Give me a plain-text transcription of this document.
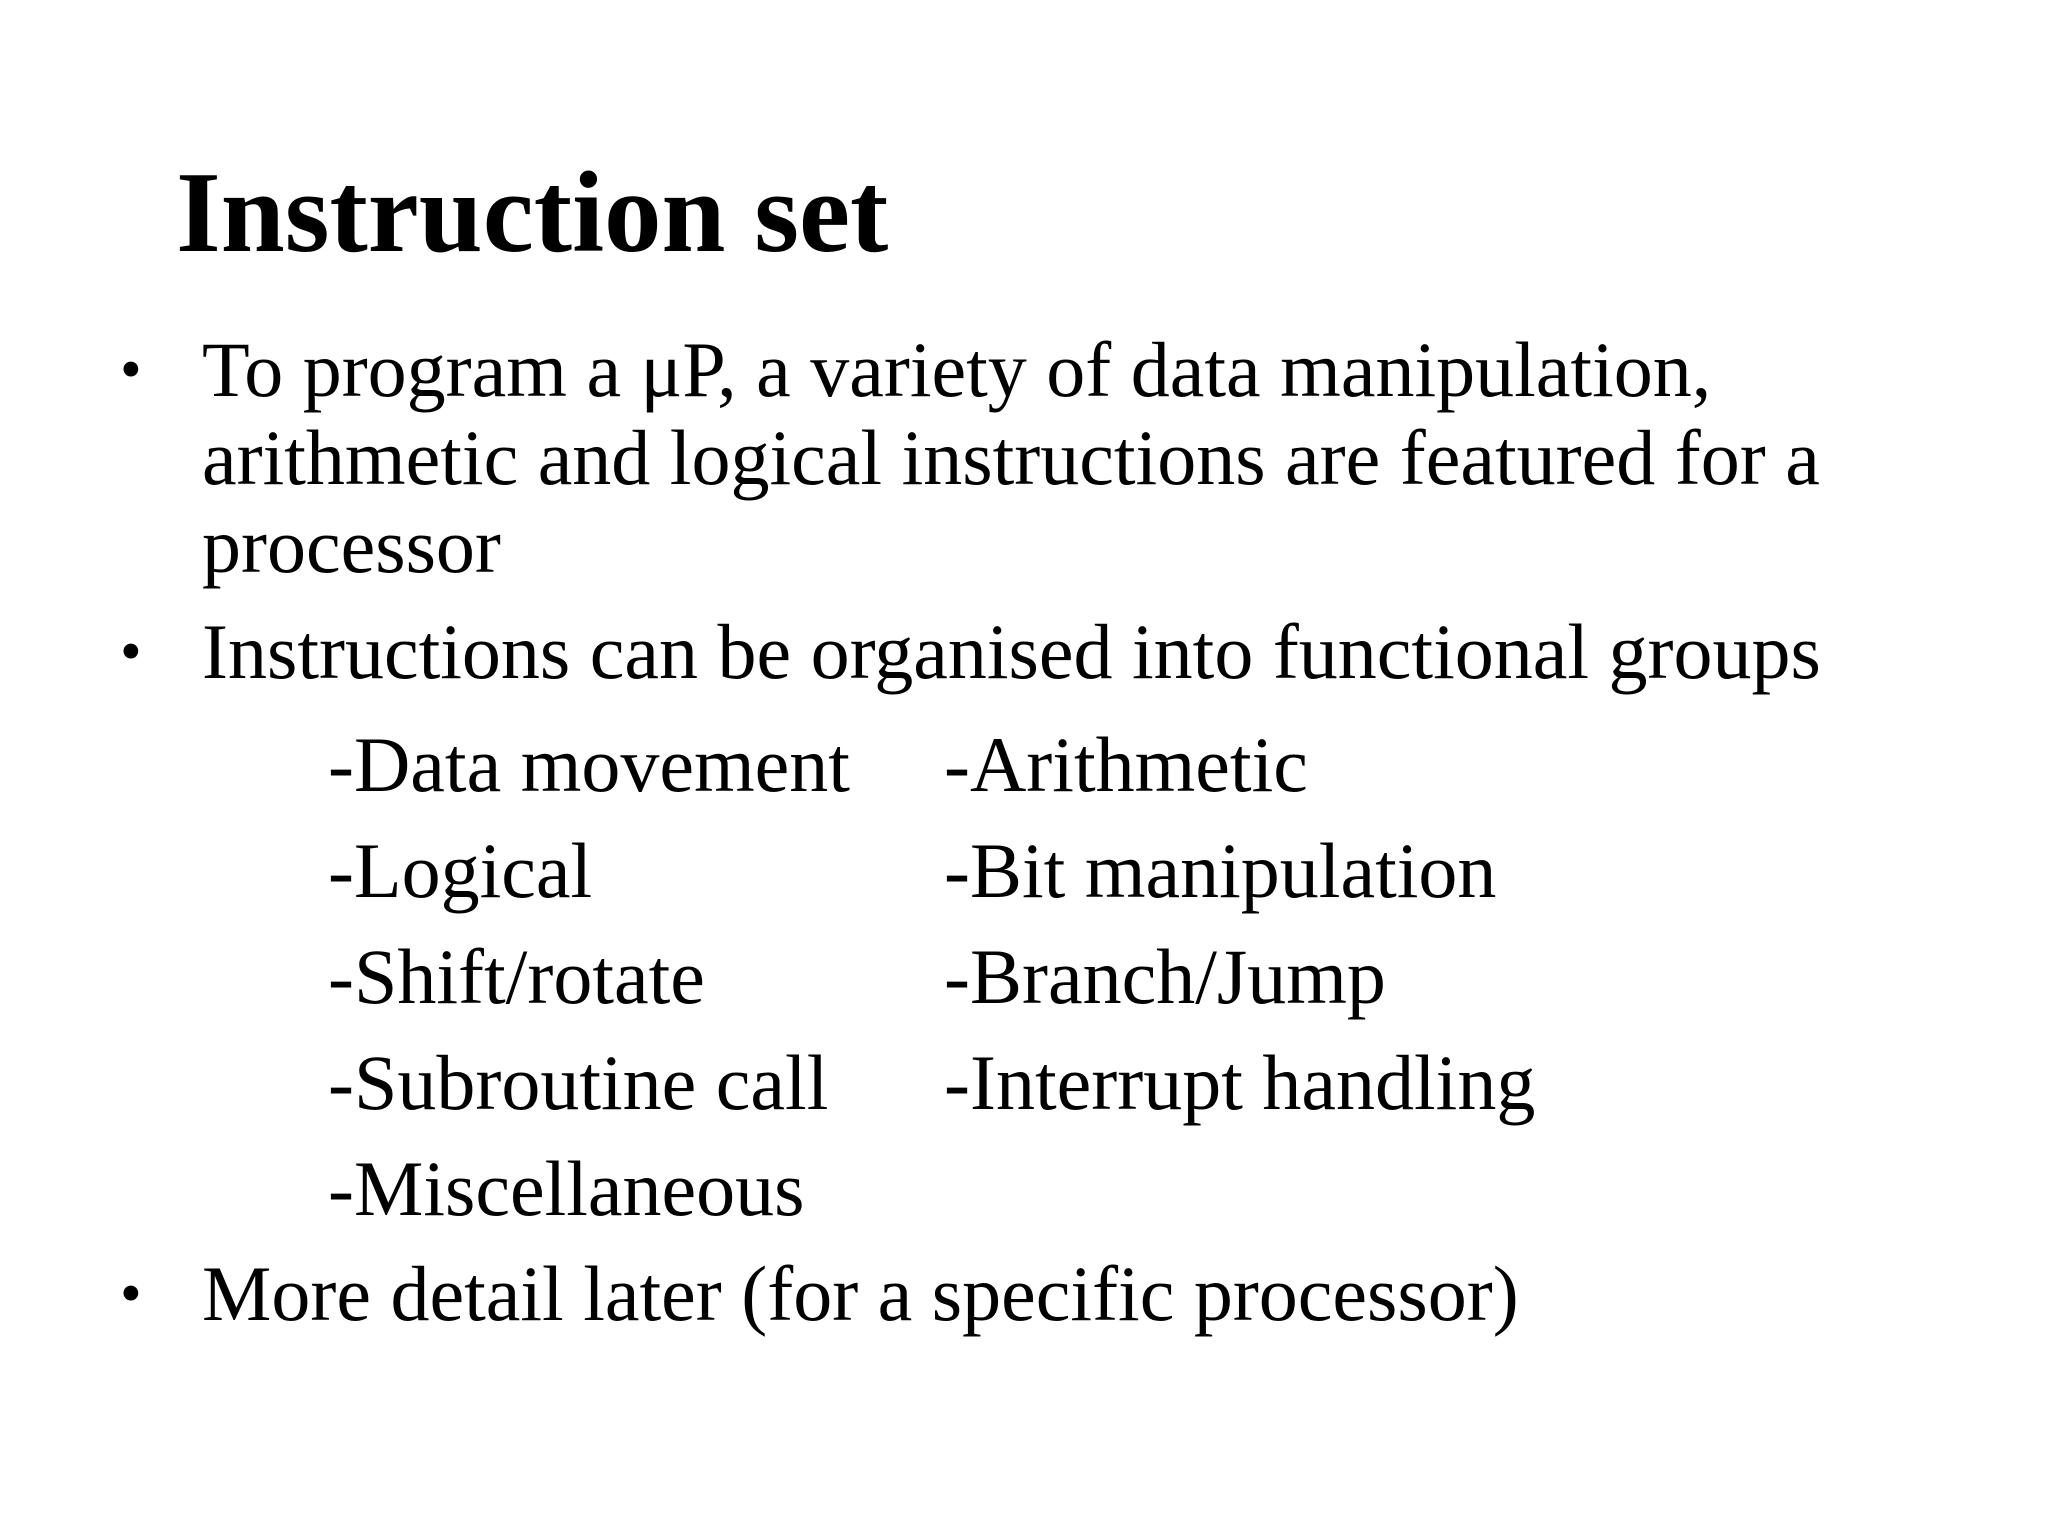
Instruction set
• To program a μP, a variety of data manipulation,
arithmetic and logical instructions are featured for a
processor
• Instructions can be organised into functional groups
-Data movement -Arithmetic
-Logical	-Bit manipulation
-Shift/rotate	-Branch/Jump
-Subroutine call -Interrupt handling
-Miscellaneous
• More detail later (for a specific processor)
